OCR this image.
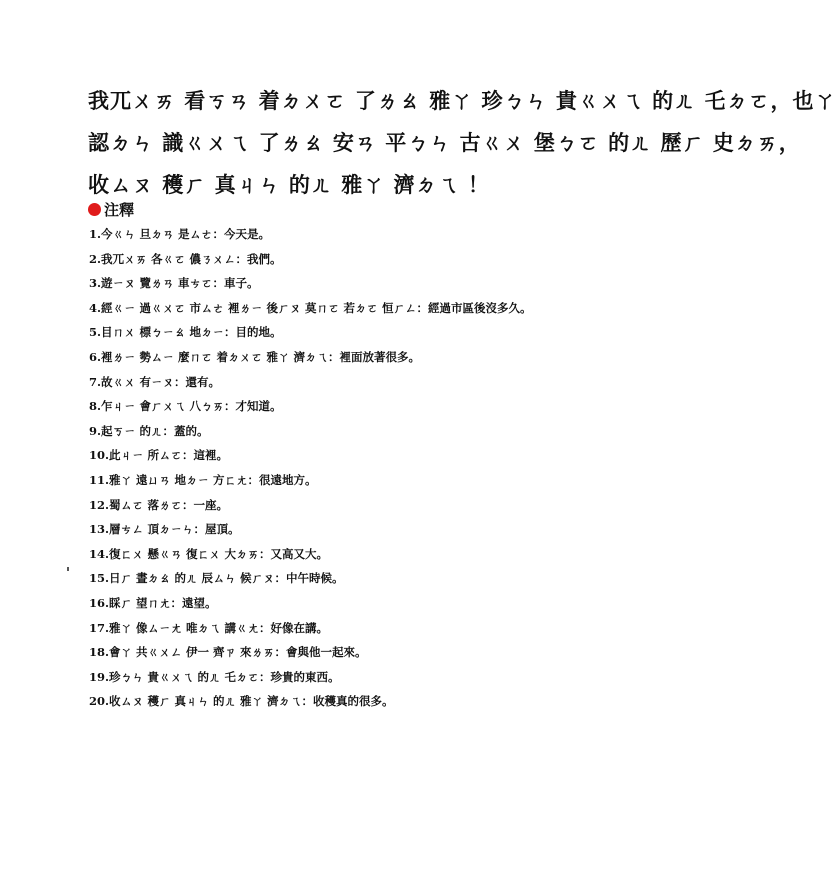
我ㄫㄨㄞ 看ㄎㄢ 着ㄉㄨㄛ 了ㄌㄠ 雅ㄚ 珍ㄅㄣ 貴ㄍㄨㄟ 的ㄦ 乇ㄉㄛ，也ㄚ
認ㄉㄣ 識ㄍㄨㄟ 了ㄌㄠ 安ㄢ 平ㄅㄣ 古ㄍㄨ 堡ㄅㄛ 的ㄦ 歷ㄏ 史ㄉㄞ，
收ㄙㄡ 穫ㄏ 真ㄐㄣ 的ㄦ 雅ㄚ 濟ㄉㄟ ！
注釋
1.今ㄍㄣ 旦ㄉㄢ 是ㄙㄜ：今天是。
2.我ㄫㄨㄞ 各ㄍㄛ 儂ㄋㄨㄥ：我們。
3.遊ㄧㄡ 覽ㄌㄢ 車ㄘㄛ：車子。
4.經ㄍㄧ 過ㄍㄨㄛ 市ㄙㄜ 裡ㄌㄧ 後ㄏㄡ 莫ㄇㄛ 若ㄉㄛ 恒ㄏㄥ：經過市區後沒多久。
5.目ㄇㄨ 標ㄅㄧㄠ 地ㄉㄧ：目的地。
6.裡ㄌㄧ 勢ㄙㄧ 麼ㄇㄛ 着ㄉㄨㄛ 雅ㄚ 濟ㄉㄟ：裡面放著很多。
7.故ㄍㄨ 有ㄧㄡ：還有。
8.乍ㄐㄧ 會ㄏㄨㄟ 八ㄅㄞ：才知道。
9.起ㄎㄧ 的ㄦ：蓋的。
10.此ㄐㄧ 所ㄙㄛ：這裡。
11.雅ㄚ 遠ㄩㄢ 地ㄉㄧ 方ㄈㄤ：很遠地方。
12.蜀ㄙㄛ 落ㄌㄛ：一座。
13.層ㄘㄥ 頂ㄉㄧㄣ：屋頂。
14.復ㄈㄨ 懸ㄍㄢ 復ㄈㄨ 大ㄉㄞ：又高又大。
15.日ㄏ 晝ㄉㄠ 的ㄦ 辰ㄙㄣ 候ㄏㄡ：中午時候。
16.睬ㄏ 望ㄇㄤ：遠望。
17.雅ㄚ 像ㄙㄧㄤ 唯ㄉㄟ 講ㄍㄤ：好像在講。
18.會ㄚ 共ㄍㄨㄥ 伊一 齊ㄗ 來ㄌㄞ：會與他一起來。
19.珍ㄅㄣ 貴ㄍㄨㄟ 的ㄦ 乇ㄉㄛ：珍貴的東西。
20.收ㄙㄡ 穫ㄏ 真ㄐㄣ 的ㄦ 雅ㄚ 濟ㄉㄟ：收穫真的很多。
